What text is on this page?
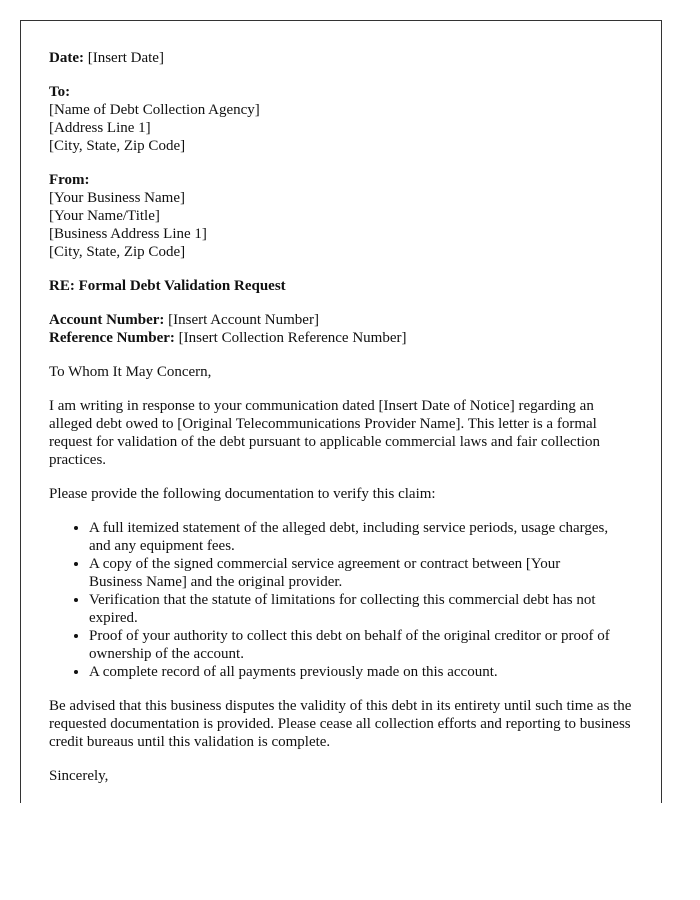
Date: [Insert Date]

To:
[Name of Debt Collection Agency]
[Address Line 1]
[City, State, Zip Code]

From:
[Your Business Name]
[Your Name/Title]
[Business Address Line 1]
[City, State, Zip Code]

RE: Formal Debt Validation Request

Account Number: [Insert Account Number]
Reference Number: [Insert Collection Reference Number]

To Whom It May Concern,

I am writing in response to your communication dated [Insert Date of Notice] regarding an alleged debt owed to [Original Telecommunications Provider Name]. This letter is a formal request for validation of the debt pursuant to applicable commercial laws and fair collection practices.

Please provide the following documentation to verify this claim:

• A full itemized statement of the alleged debt, including service periods, usage charges, and any equipment fees.
• A copy of the signed commercial service agreement or contract between [Your Business Name] and the original provider.
• Verification that the statute of limitations for collecting this commercial debt has not expired.
• Proof of your authority to collect this debt on behalf of the original creditor or proof of ownership of the account.
• A complete record of all payments previously made on this account.

Be advised that this business disputes the validity of this debt in its entirety until such time as the requested documentation is provided. Please cease all collection efforts and reporting to business credit bureaus until this validation is complete.

Sincerely,
